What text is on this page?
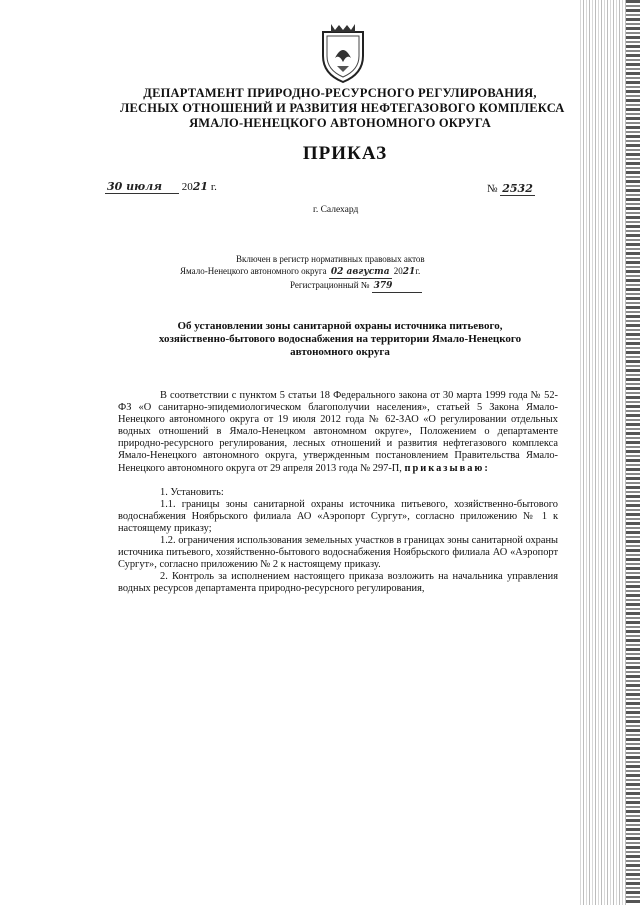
ДЕПАРТАМЕНТ ПРИРОДНО-РЕСУРСНОГО РЕГУЛИРОВАНИЯ,
ЛЕСНЫХ ОТНОШЕНИЙ И РАЗВИТИЯ НЕФТЕГАЗОВОГО КОМПЛЕКСА
ЯМАЛО-НЕНЕЦКОГО АВТОНОМНОГО ОКРУГА
ПРИКАЗ
30 июля 2021 г.	№ 2532
г. Салехард
Включен в регистр нормативных правовых актов
Ямало-Ненецкого автономного округа 02 августа 2021г.
Регистрационный № 379
Об установлении зоны санитарной охраны источника питьевого,
хозяйственно-бытового водоснабжения на территории Ямало-Ненецкого
автономного округа

В соответствии с пунктом 5 статьи 18 Федерального закона от 30 марта 1999 года № 52-ФЗ «О санитарно-эпидемиологическом благополучии населения», статьей 5 Закона Ямало-Ненецкого автономного округа от 19 июля 2012 года № 62-ЗАО «О регулировании отдельных водных отношений в Ямало-Ненецком автономном округе», Положением о департаменте природно-ресурсного регулирования, лесных отношений и развития нефтегазового комплекса Ямало-Ненецкого автономного округа, утвержденным постановлением Правительства Ямало-Ненецкого автономного округа от 29 апреля 2013 года № 297-П, приказываю:

1. Установить:

1.1. границы зоны санитарной охраны источника питьевого, хозяйственно-бытового водоснабжения Ноябрьского филиала АО «Аэропорт Сургут», согласно приложению № 1 к настоящему приказу;

1.2. ограничения использования земельных участков в границах зоны санитарной охраны источника питьевого, хозяйственно-бытового водоснабжения Ноябрьского филиала АО «Аэропорт Сургут», согласно приложению № 2 к настоящему приказу.

2. Контроль за исполнением настоящего приказа возложить на начальника управления водных ресурсов департамента природно-ресурсного регулирования,
